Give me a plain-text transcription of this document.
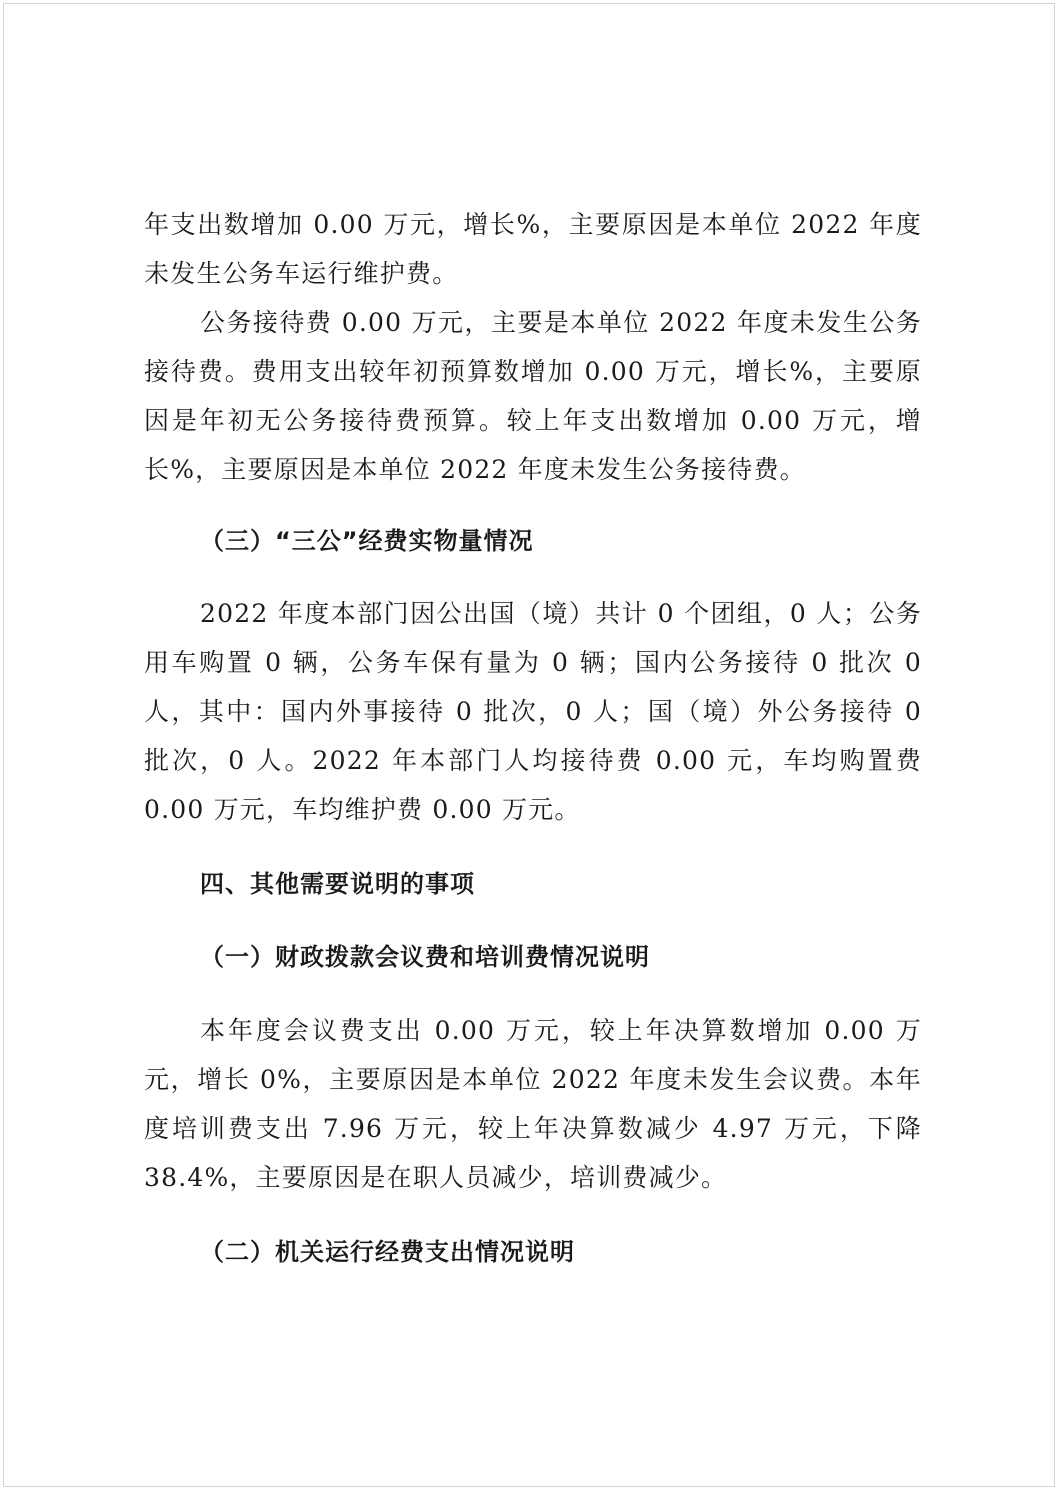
年支出数增加 0.00 万元，增长%，主要原因是本单位 2022 年度未发生公务车运行维护费。

公务接待费 0.00 万元，主要是本单位 2022 年度未发生公务接待费。费用支出较年初预算数增加 0.00 万元，增长%，主要原因是年初无公务接待费预算。较上年支出数增加 0.00 万元，增长%，主要原因是本单位 2022 年度未发生公务接待费。

（三）“三公”经费实物量情况

2022 年度本部门因公出国（境）共计 0 个团组，0 人；公务用车购置 0 辆，公务车保有量为 0 辆；国内公务接待 0 批次 0 人，其中：国内外事接待 0 批次，0 人；国（境）外公务接待 0 批次，0 人。2022 年本部门人均接待费 0.00 元，车均购置费 0.00 万元，车均维护费 0.00 万元。

四、其他需要说明的事项

（一）财政拨款会议费和培训费情况说明

本年度会议费支出 0.00 万元，较上年决算数增加 0.00 万元，增长 0%，主要原因是本单位 2022 年度未发生会议费。本年度培训费支出 7.96 万元，较上年决算数减少 4.97 万元，下降 38.4%，主要原因是在职人员减少，培训费减少。

（二）机关运行经费支出情况说明
